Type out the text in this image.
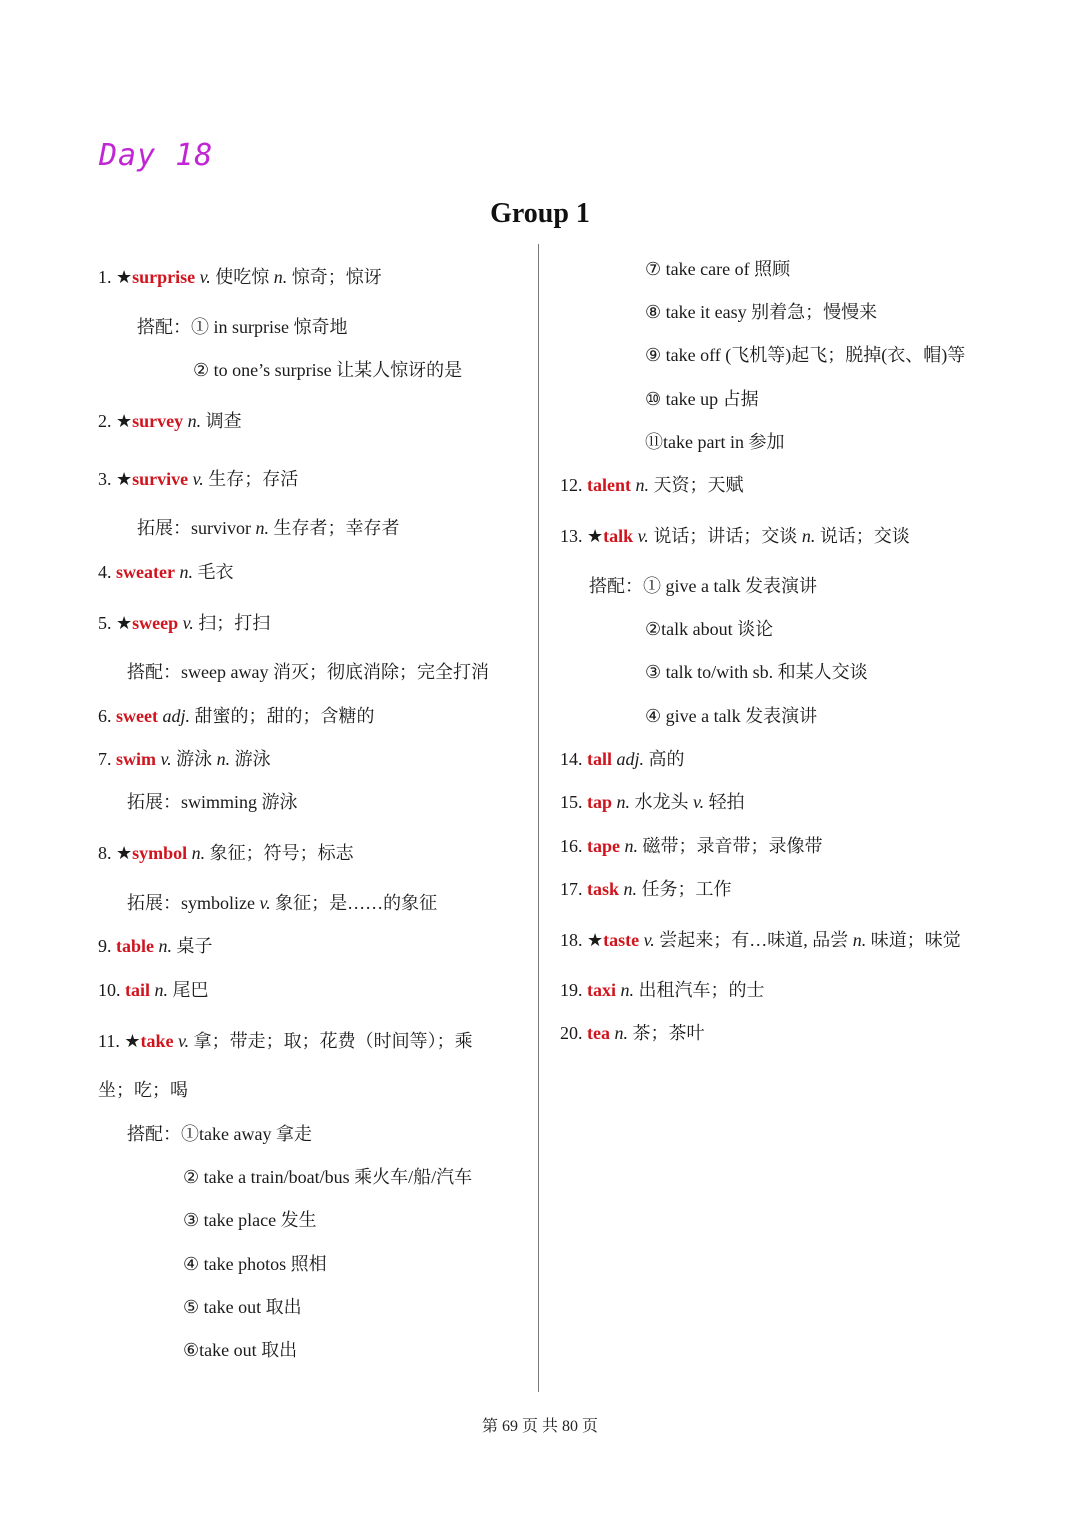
Day 18
Group 1
1. ★surprise v. 使吃惊 n. 惊奇；惊讶
搭配：① in surprise 惊奇地
② to one’s surprise 让某人惊讶的是
2. ★survey n. 调查
3. ★survive v. 生存；存活
拓展：survivor n. 生存者；幸存者
4. sweater n. 毛衣
5. ★sweep v. 扫；打扫
搭配：sweep away 消灭；彻底消除；完全打消
6. sweet adj. 甜蜜的；甜的；含糖的
7. swim v. 游泳 n. 游泳
拓展：swimming 游泳
8. ★symbol n. 象征；符号；标志
拓展：symbolize v. 象征；是……的象征
9. table n. 桌子
10. tail n. 尾巴
11. ★take v. 拿；带走；取；花费（时间等）；乘
坐；吃；喝
搭配：①take away 拿走
② take a train/boat/bus 乘火车/船/汽车
③ take place 发生
④ take photos 照相
⑤ take out 取出
⑥take out 取出
⑦ take care of 照顾
⑧ take it easy 别着急；慢慢来
⑨ take off (飞机等)起飞；脱掉(衣、帽)等
⑩ take up 占据
⑪take part in 参加
12. talent n. 天资；天赋
13. ★talk v. 说话；讲话；交谈 n. 说话；交谈
搭配：① give a talk 发表演讲
②talk about 谈论
③ talk to/with sb. 和某人交谈
④ give a talk 发表演讲
14. tall adj. 高的
15. tap n. 水龙头 v. 轻拍
16. tape n. 磁带；录音带；录像带
17. task n. 任务；工作
18. ★taste v. 尝起来；有…味道, 品尝 n. 味道；味觉
19. taxi n. 出租汽车；的士
20. tea n. 茶；茶叶
第 69 页 共 80 页
